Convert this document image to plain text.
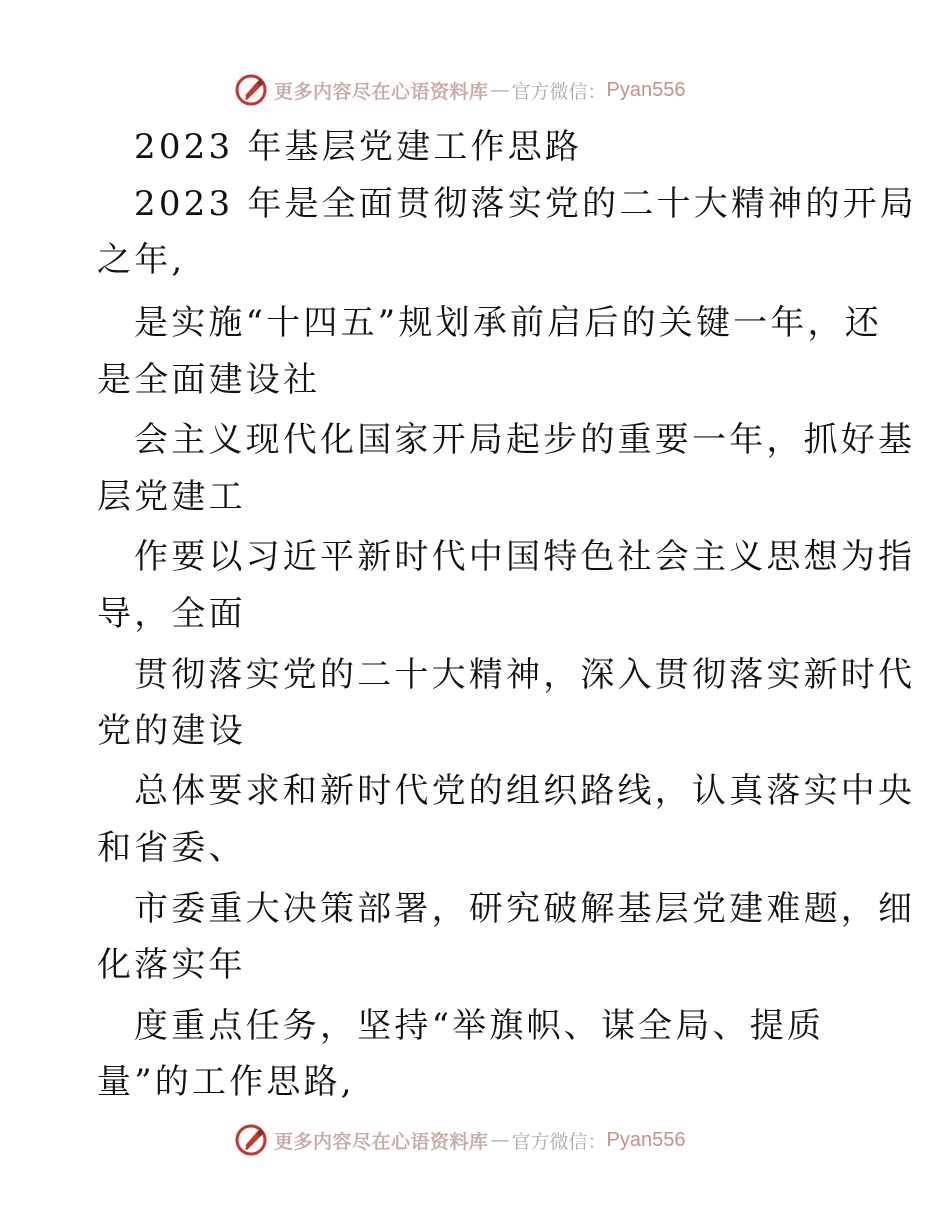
更多内容尽在心语资料库 — 官方微信： Pyan556
2023 年基层党建工作思路
2023 年是全面贯彻落实党的二十大精神的开局
之年,
是实施“十四五”规划承前启后的关键一年，还
是全面建设社
会主义现代化国家开局起步的重要一年，抓好基
层党建工
作要以习近平新时代中国特色社会主义思想为指
导，全面
贯彻落实党的二十大精神，深入贯彻落实新时代
党的建设
总体要求和新时代党的组织路线，认真落实中央
和省委、
市委重大决策部署，研究破解基层党建难题，细
化落实年
度重点任务，坚持“举旗帜、谋全局、提质
量”的工作思路,
更多内容尽在心语资料库 — 官方微信： Pyan556
